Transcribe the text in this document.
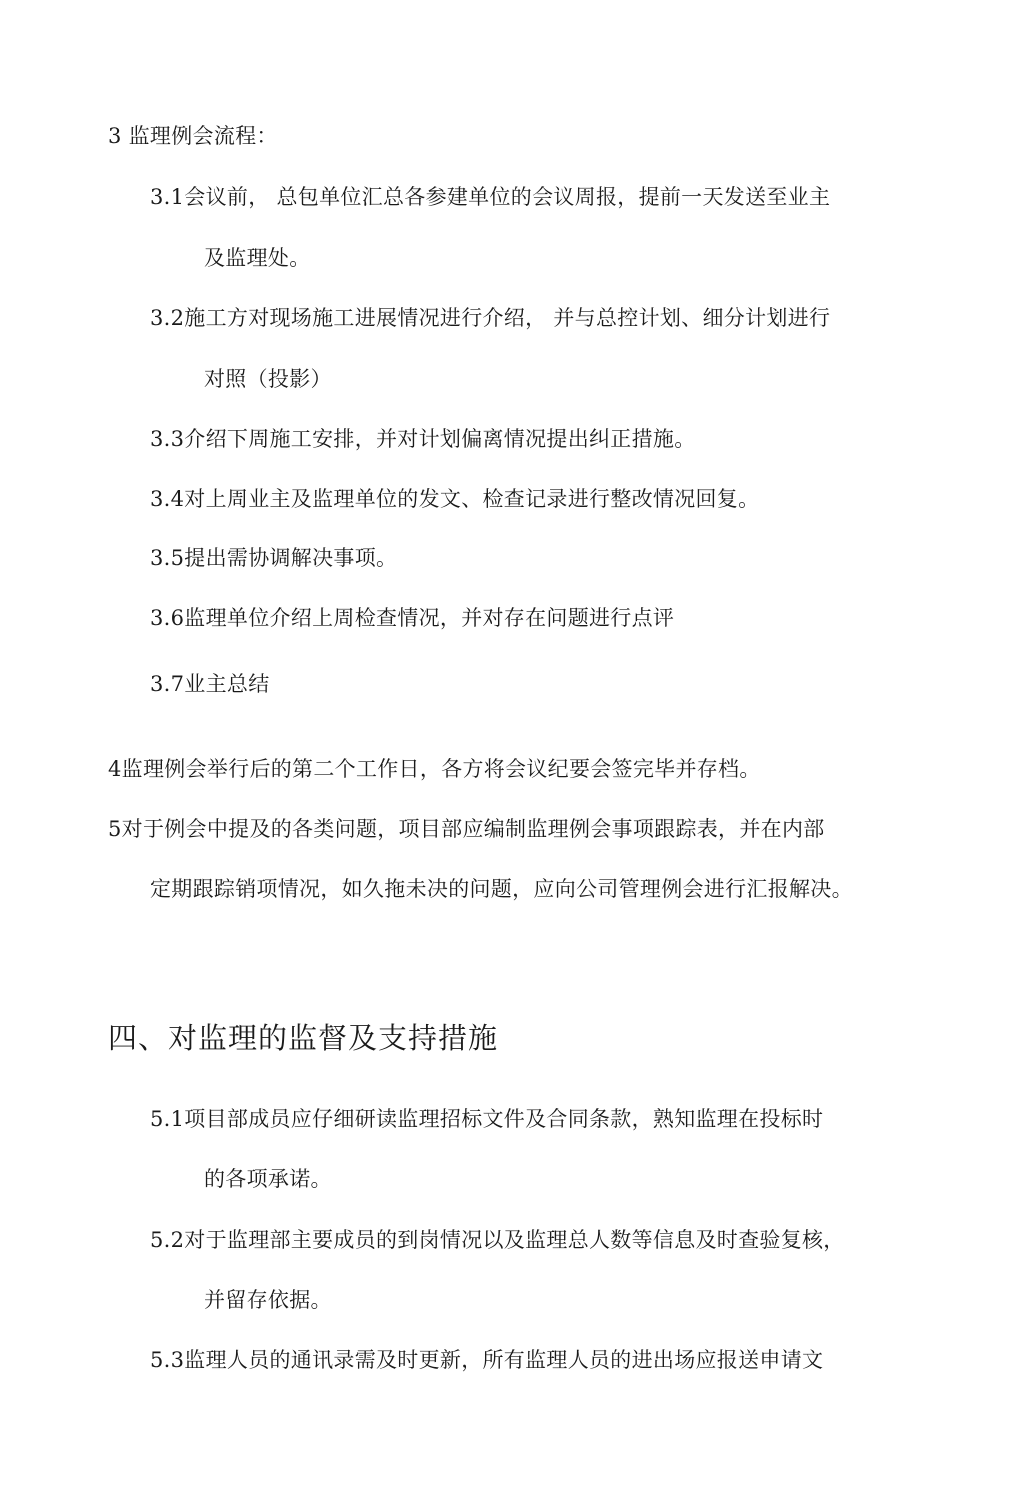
3 监理例会流程：
3.1会议前， 总包单位汇总各参建单位的会议周报，提前一天发送至业主
及监理处。
3.2施工方对现场施工进展情况进行介绍， 并与总控计划、细分计划进行
对照（投影）
3.3介绍下周施工安排，并对计划偏离情况提出纠正措施。
3.4对上周业主及监理单位的发文、检查记录进行整改情况回复。
3.5提出需协调解决事项。
3.6监理单位介绍上周检查情况，并对存在问题进行点评
3.7业主总结
4监理例会举行后的第二个工作日，各方将会议纪要会签完毕并存档。
5对于例会中提及的各类问题，项目部应编制监理例会事项跟踪表，并在内部
定期跟踪销项情况，如久拖未决的问题，应向公司管理例会进行汇报解决。
四、对监理的监督及支持措施
5.1项目部成员应仔细研读监理招标文件及合同条款，熟知监理在投标时
的各项承诺。
5.2对于监理部主要成员的到岗情况以及监理总人数等信息及时查验复核，
并留存依据。
5.3监理人员的通讯录需及时更新，所有监理人员的进出场应报送申请文
